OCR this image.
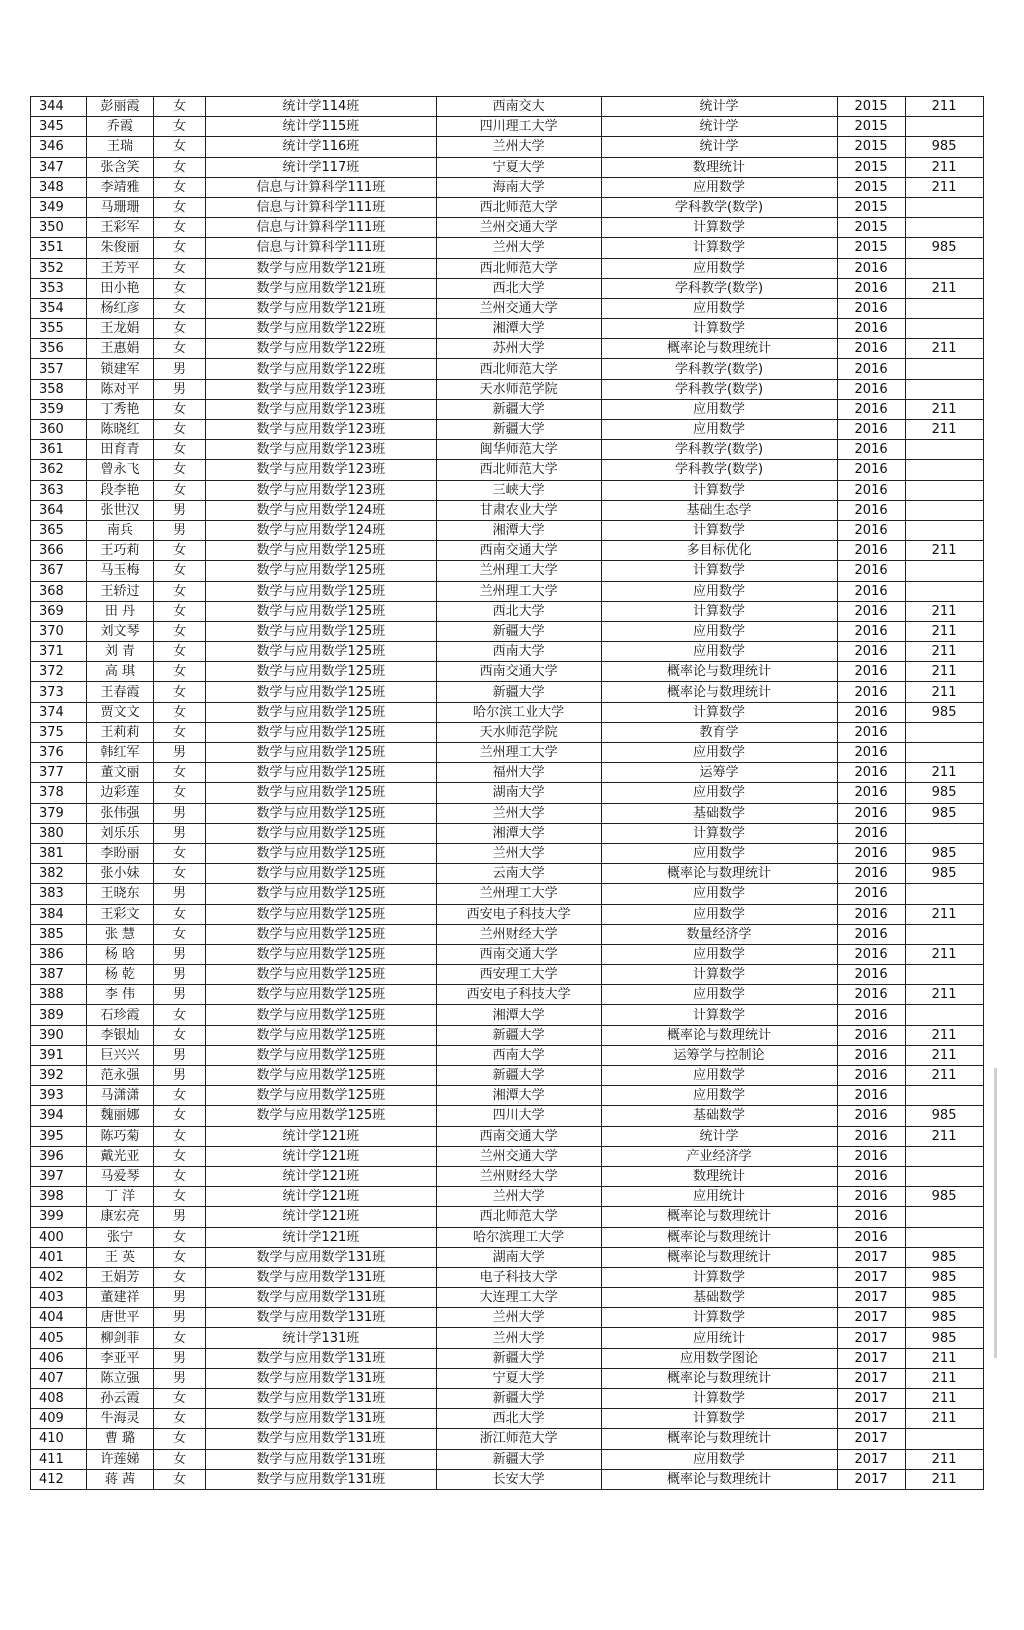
344	彭丽霞	女	统计学114班	西南交大	统计学	2015	211
345	乔霞	女	统计学115班	四川理工大学	统计学	2015	
346	王瑞	女	统计学116班	兰州大学	统计学	2015	985
347	张含笑	女	统计学117班	宁夏大学	数理统计	2015	211
348	李靖雅	女	信息与计算科学111班	海南大学	应用数学	2015	211
349	马珊珊	女	信息与计算科学111班	西北师范大学	学科教学(数学)	2015	
350	王彩军	女	信息与计算科学111班	兰州交通大学	计算数学	2015	
351	朱俊丽	女	信息与计算科学111班	兰州大学	计算数学	2015	985
352	王芳平	女	数学与应用数学121班	西北师范大学	应用数学	2016	
353	田小艳	女	数学与应用数学121班	西北大学	学科教学(数学)	2016	211
354	杨红彦	女	数学与应用数学121班	兰州交通大学	应用数学	2016	
355	王龙娟	女	数学与应用数学122班	湘潭大学	计算数学	2016	
356	王惠娟	女	数学与应用数学122班	苏州大学	概率论与数理统计	2016	211
357	锁建军	男	数学与应用数学122班	西北师范大学	学科教学(数学)	2016	
358	陈对平	男	数学与应用数学123班	天水师范学院	学科教学(数学)	2016	
359	丁秀艳	女	数学与应用数学123班	新疆大学	应用数学	2016	211
360	陈晓红	女	数学与应用数学123班	新疆大学	应用数学	2016	211
361	田育青	女	数学与应用数学123班	闽华师范大学	学科教学(数学)	2016	
362	曾永飞	女	数学与应用数学123班	西北师范大学	学科教学(数学)	2016	
363	段李艳	女	数学与应用数学123班	三峡大学	计算数学	2016	
364	张世汉	男	数学与应用数学124班	甘肃农业大学	基础生态学	2016	
365	南兵	男	数学与应用数学124班	湘潭大学	计算数学	2016	
366	王巧莉	女	数学与应用数学125班	西南交通大学	多目标优化	2016	211
367	马玉梅	女	数学与应用数学125班	兰州理工大学	计算数学	2016	
368	王轿过	女	数学与应用数学125班	兰州理工大学	应用数学	2016	
369	田 丹	女	数学与应用数学125班	西北大学	计算数学	2016	211
370	刘文琴	女	数学与应用数学125班	新疆大学	应用数学	2016	211
371	刘 青	女	数学与应用数学125班	西南大学	应用数学	2016	211
372	高 琪	女	数学与应用数学125班	西南交通大学	概率论与数理统计	2016	211
373	王春霞	女	数学与应用数学125班	新疆大学	概率论与数理统计	2016	211
374	贾文文	女	数学与应用数学125班	哈尔滨工业大学	计算数学	2016	985
375	王莉莉	女	数学与应用数学125班	天水师范学院	教育学	2016	
376	韩红军	男	数学与应用数学125班	兰州理工大学	应用数学	2016	
377	董文丽	女	数学与应用数学125班	福州大学	运筹学	2016	211
378	边彩莲	女	数学与应用数学125班	湖南大学	应用数学	2016	985
379	张伟强	男	数学与应用数学125班	兰州大学	基础数学	2016	985
380	刘乐乐	男	数学与应用数学125班	湘潭大学	计算数学	2016	
381	李盼丽	女	数学与应用数学125班	兰州大学	应用数学	2016	985
382	张小妹	女	数学与应用数学125班	云南大学	概率论与数理统计	2016	985
383	王晓东	男	数学与应用数学125班	兰州理工大学	应用数学	2016	
384	王彩文	女	数学与应用数学125班	西安电子科技大学	应用数学	2016	211
385	张 慧	女	数学与应用数学125班	兰州财经大学	数量经济学	2016	
386	杨 晗	男	数学与应用数学125班	西南交通大学	应用数学	2016	211
387	杨 乾	男	数学与应用数学125班	西安理工大学	计算数学	2016	
388	李 伟	男	数学与应用数学125班	西安电子科技大学	应用数学	2016	211
389	石珍霞	女	数学与应用数学125班	湘潭大学	计算数学	2016	
390	李银灿	女	数学与应用数学125班	新疆大学	概率论与数理统计	2016	211
391	巨兴兴	男	数学与应用数学125班	西南大学	运筹学与控制论	2016	211
392	范永强	男	数学与应用数学125班	新疆大学	应用数学	2016	211
393	马潇潇	女	数学与应用数学125班	湘潭大学	应用数学	2016	
394	魏丽娜	女	数学与应用数学125班	四川大学	基础数学	2016	985
395	陈巧菊	女	统计学121班	西南交通大学	统计学	2016	211
396	戴光亚	女	统计学121班	兰州交通大学	产业经济学	2016	
397	马爱琴	女	统计学121班	兰州财经大学	数理统计	2016	
398	丁 洋	女	统计学121班	兰州大学	应用统计	2016	985
399	康宏亮	男	统计学121班	西北师范大学	概率论与数理统计	2016	
400	张宁	女	统计学121班	哈尔滨理工大学	概率论与数理统计	2016	
401	王 英	女	数学与应用数学131班	湖南大学	概率论与数理统计	2017	985
402	王娟芳	女	数学与应用数学131班	电子科技大学	计算数学	2017	985
403	董建祥	男	数学与应用数学131班	大连理工大学	基础数学	2017	985
404	唐世平	男	数学与应用数学131班	兰州大学	计算数学	2017	985
405	柳剑菲	女	统计学131班	兰州大学	应用统计	2017	985
406	李亚平	男	数学与应用数学131班	新疆大学	应用数学图论	2017	211
407	陈立强	男	数学与应用数学131班	宁夏大学	概率论与数理统计	2017	211
408	孙云霞	女	数学与应用数学131班	新疆大学	计算数学	2017	211
409	牛海灵	女	数学与应用数学131班	西北大学	计算数学	2017	211
410	曹 璐	女	数学与应用数学131班	浙江师范大学	概率论与数理统计	2017	
411	许莲娣	女	数学与应用数学131班	新疆大学	应用数学	2017	211
412	蒋 茜	女	数学与应用数学131班	长安大学	概率论与数理统计	2017	211
